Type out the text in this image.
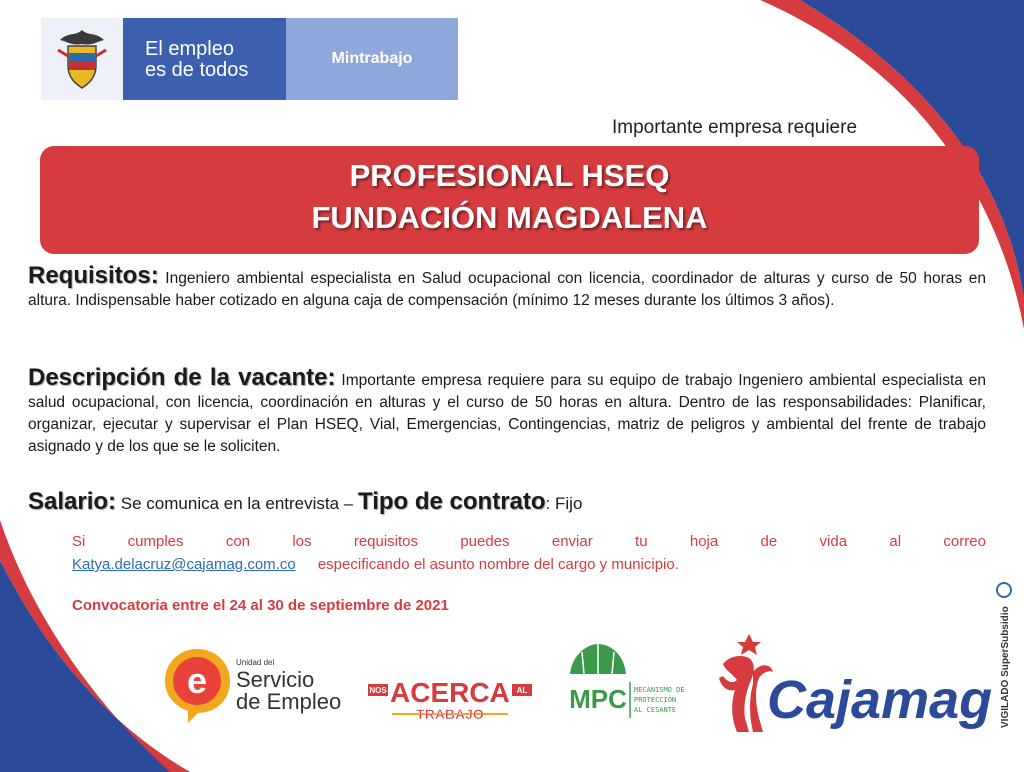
El empleo
es de todos
Mintrabajo
Importante empresa requiere
PROFESIONAL HSEQ
FUNDACIÓN MAGDALENA
Requisitos: Ingeniero ambiental especialista en Salud ocupacional con licencia, coordinador de alturas y curso de 50 horas en altura. Indispensable haber cotizado en alguna caja de compensación (mínimo 12 meses durante los últimos 3 años).
Descripción de la vacante: Importante empresa requiere para su equipo de trabajo Ingeniero ambiental especialista en salud ocupacional, con licencia, coordinación en alturas y el curso de 50 horas en altura. Dentro de las responsabilidades: Planificar, organizar, ejecutar y supervisar el Plan HSEQ, Vial, Emergencias, Contingencias, matriz de peligros y ambiental del frente de trabajo asignado y de los que se le soliciten.
Salario: Se comunica en la entrevista – Tipo de contrato: Fijo
Si	cumples	con	los	requisitos	puedes	enviar	tu	hoja	de	vida	al	correo
Katya.delacruz@cajamag.com.co especificando el asunto nombre del cargo y municipio.
Convocatoria entre el 24 al 30 de septiembre de 2021
e	Unidad del
Servicio
de Empleo	NOS ACERCA AL
TRABAJO	MPC MECANISMO DE
PROTECCIÓN
AL CESANTE Cajamag VIGILADO SuperSubsidio
